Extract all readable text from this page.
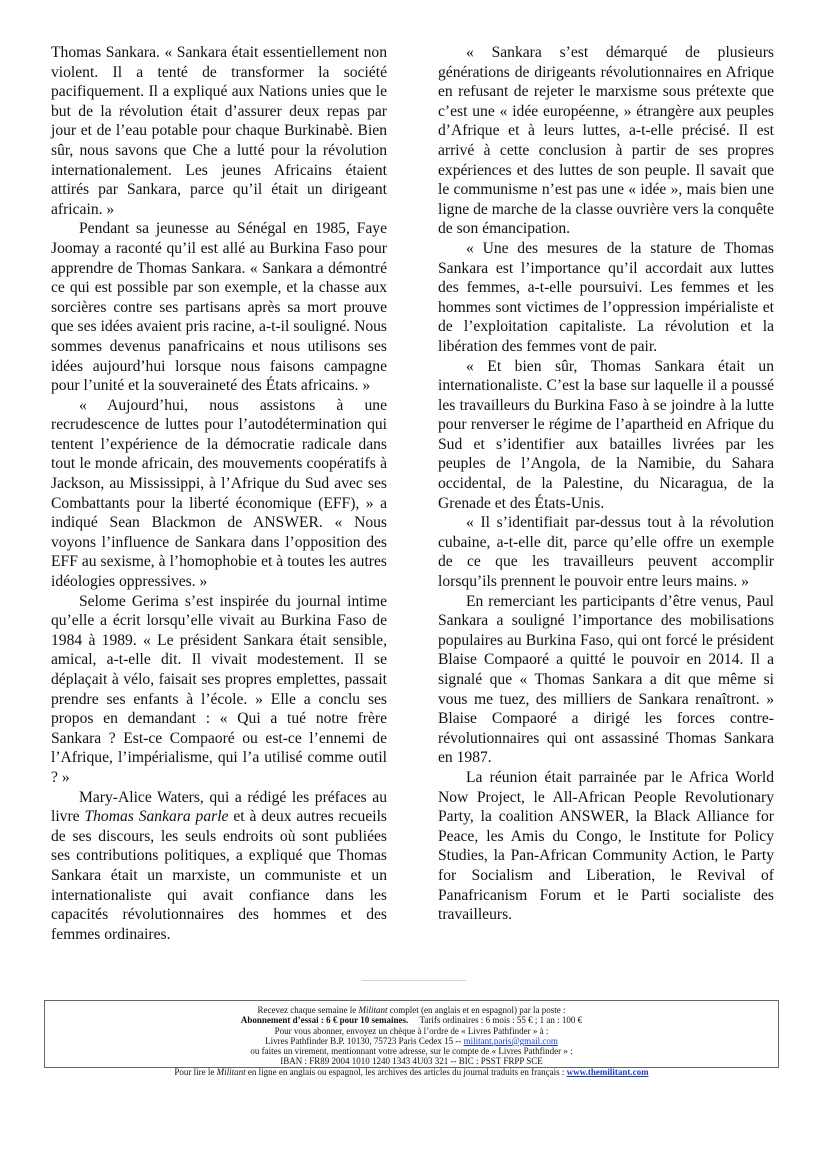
Thomas Sankara. « Sankara était essentiellement non violent. Il a tenté de transformer la société pacifiquement. Il a expliqué aux Nations unies que le but de la révolution était d’assurer deux repas par jour et de l’eau potable pour chaque Burkinabè. Bien sûr, nous savons que Che a lutté pour la révolution internationalement. Les jeunes Africains étaient attirés par Sankara, parce qu’il était un dirigeant africain. »

Pendant sa jeunesse au Sénégal en 1985, Faye Joomay a raconté qu’il est allé au Burkina Faso pour apprendre de Thomas Sankara. « Sankara a démontré ce qui est possible par son exemple, et la chasse aux sorcières contre ses partisans après sa mort prouve que ses idées avaient pris racine, a-t-il souligné. Nous sommes devenus panafricains et nous utilisons ses idées aujourd’hui lorsque nous faisons campagne pour l’unité et la souveraineté des États africains. »

« Aujourd’hui, nous assistons à une recrudescence de luttes pour l’autodétermination qui tentent l’expérience de la démocratie radicale dans tout le monde africain, des mouvements coopératifs à Jackson, au Mississippi, à l’Afrique du Sud avec ses Combattants pour la liberté économique (EFF), » a indiqué Sean Blackmon de ANSWER. « Nous voyons l’influence de Sankara dans l’opposition des EFF au sexisme, à l’homophobie et à toutes les autres idéologies oppressives. »

Selome Gerima s’est inspirée du journal intime qu’elle a écrit lorsqu’elle vivait au Burkina Faso de 1984 à 1989. « Le président Sankara était sensible, amical, a-t-elle dit. Il vivait modestement. Il se déplaçait à vélo, faisait ses propres emplettes, passait prendre ses enfants à l’école. » Elle a conclu ses propos en demandant : « Qui a tué notre frère Sankara ? Est-ce Compaoré ou est-ce l’ennemi de l’Afrique, l’impérialisme, qui l’a utilisé comme outil ? »

Mary-Alice Waters, qui a rédigé les préfaces au livre Thomas Sankara parle et à deux autres recueils de ses discours, les seuls endroits où sont publiées ses contributions politiques, a expliqué que Thomas Sankara était un marxiste, un communiste et un internationaliste qui avait confiance dans les capacités révolutionnaires des hommes et des femmes ordinaires.

« Sankara s’est démarqué de plusieurs générations de dirigeants révolutionnaires en Afrique en refusant de rejeter le marxisme sous prétexte que c’est une « idée européenne, » étrangère aux peuples d’Afrique et à leurs luttes, a-t-elle précisé. Il est arrivé à cette conclusion à partir de ses propres expériences et des luttes de son peuple. Il savait que le communisme n’est pas une « idée », mais bien une ligne de marche de la classe ouvrière vers la conquête de son émancipation.

« Une des mesures de la stature de Thomas Sankara est l’importance qu’il accordait aux luttes des femmes, a-t-elle poursuivi. Les femmes et les hommes sont victimes de l’oppression impérialiste et de l’exploitation capitaliste. La révolution et la libération des femmes vont de pair.

« Et bien sûr, Thomas Sankara était un internationaliste. C’est la base sur laquelle il a poussé les travailleurs du Burkina Faso à se joindre à la lutte pour renverser le régime de l’apartheid en Afrique du Sud et s’identifier aux batailles livrées par les peuples de l’Angola, de la Namibie, du Sahara occidental, de la Palestine, du Nicaragua, de la Grenade et des États-Unis.

« Il s’identifiait par-dessus tout à la révolution cubaine, a-t-elle dit, parce qu’elle offre un exemple de ce que les travailleurs peuvent accomplir lorsqu’ils prennent le pouvoir entre leurs mains. »

En remerciant les participants d’être venus, Paul Sankara a souligné l’importance des mobilisations populaires au Burkina Faso, qui ont forcé le président Blaise Compaoré a quitté le pouvoir en 2014. Il a signalé que « Thomas Sankara a dit que même si vous me tuez, des milliers de Sankara renaîtront. » Blaise Compaoré a dirigé les forces contre-révolutionnaires qui ont assassiné Thomas Sankara en 1987.

La réunion était parrainée par le Africa World Now Project, le All-African People Revolutionary Party, la coalition ANSWER, la Black Alliance for Peace, les Amis du Congo, le Institute for Policy Studies, la Pan-African Community Action, le Party for Socialism and Liberation, le Revival of Panafricanism Forum et le Parti socialiste des travailleurs.

Recevez chaque semaine le Militant complet (en anglais et en espagnol) par la poste :
Abonnement d’essai : 6 € pour 10 semaines. Tarifs ordinaires : 6 mois : 55 € ; 1 an : 100 €
Pour vous abonner, envoyez un chèque à l’ordre de « Livres Pathfinder » à :
Livres Pathfinder B.P. 10130, 75723 Paris Cedex 15 -- militant.paris@gmail.com
ou faites un virement, mentionnant votre adresse, sur le compte de « Livres Pathfinder » :
IBAN : FR89 2004 1010 1240 1343 4U03 321 -- BIC : PSST FRPP SCE
Pour lire le Militant en ligne en anglais ou espagnol, les archives des articles du journal traduits en français : www.themilitant.com
